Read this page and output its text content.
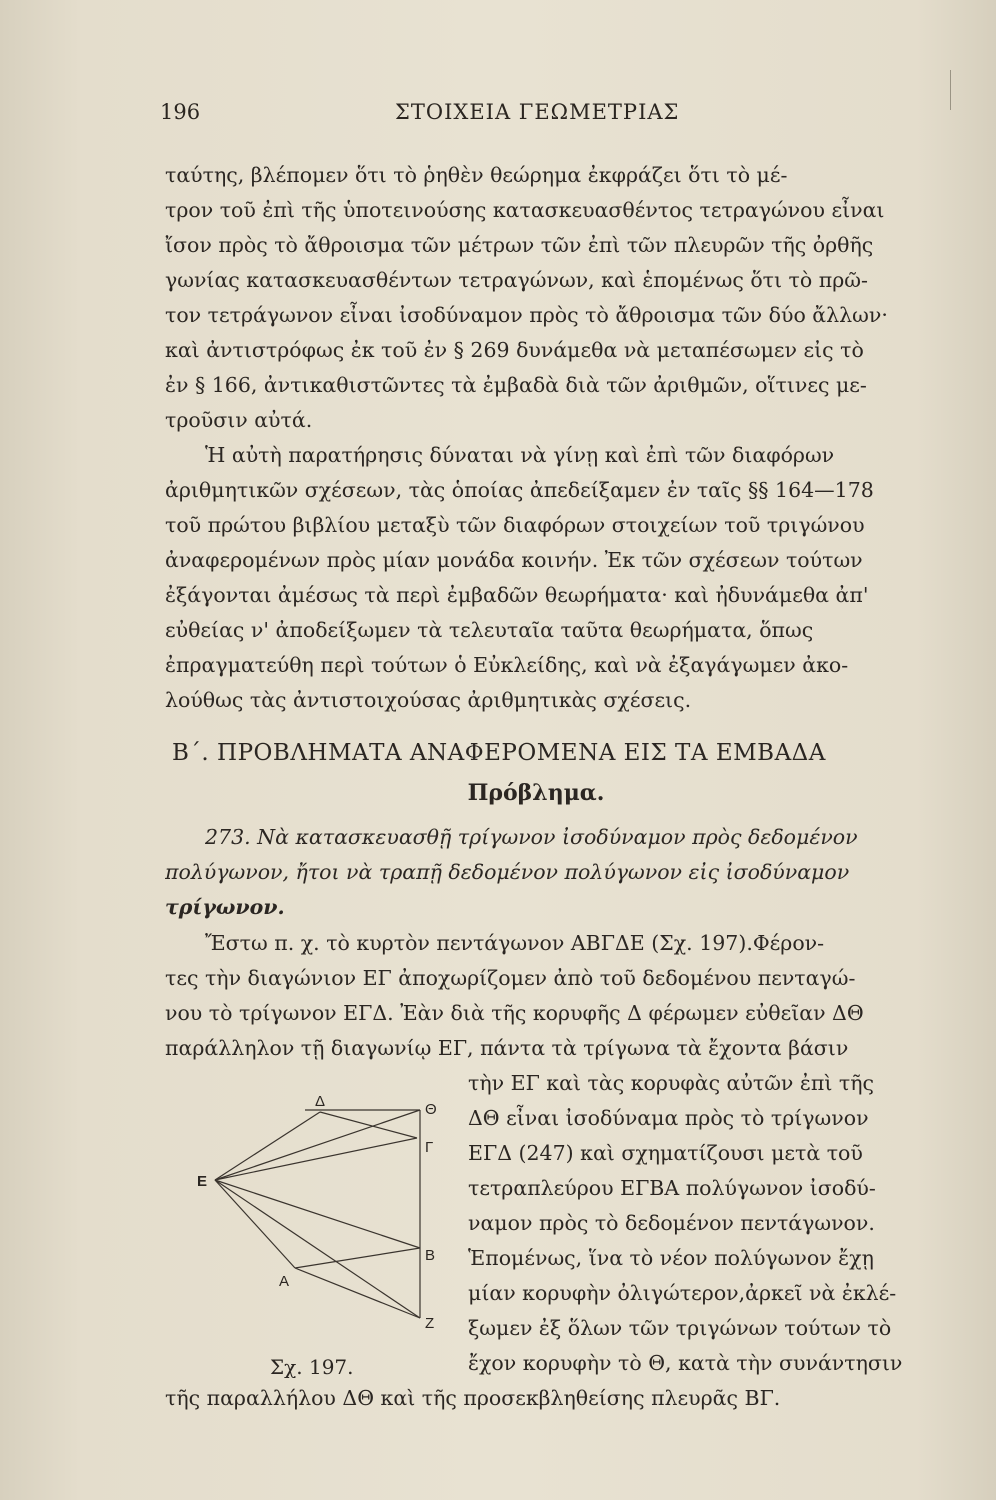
196	ΣΤΟΙΧΕΙΑ ΓΕΩΜΕΤΡΙΑΣ
ταύτης, βλέπομεν ὅτι τὸ ῥηθὲν θεώρημα ἐκφράζει ὅτι τὸ μέ-
τρον τοῦ ἐπὶ τῆς ὑποτεινούσης κατασκευασθέντος τετραγώνου εἶναι
ἴσον πρὸς τὸ ἄθροισμα τῶν μέτρων τῶν ἐπὶ τῶν πλευρῶν τῆς ὀρθῆς
γωνίας κατασκευασθέντων τετραγώνων, καὶ ἑπομένως ὅτι τὸ πρῶ-
τον τετράγωνον εἶναι ἰσοδύναμον πρὸς τὸ ἄθροισμα τῶν δύο ἄλλων·
καὶ ἀντιστρόφως ἐκ τοῦ ἐν § 269 δυνάμεθα νὰ μεταπέσωμεν εἰς τὸ
ἐν § 166, ἀντικαθιστῶντες τὰ ἐμβαδὰ διὰ τῶν ἀριθμῶν, οἵτινες με-
τροῦσιν αὐτά.
Ἡ αὐτὴ παρατήρησις δύναται νὰ γίνῃ καὶ ἐπὶ τῶν διαφόρων
ἀριθμητικῶν σχέσεων, τὰς ὁποίας ἀπεδείξαμεν ἐν ταῖς §§ 164—178
τοῦ πρώτου βιβλίου μεταξὺ τῶν διαφόρων στοιχείων τοῦ τριγώνου
ἀναφερομένων πρὸς μίαν μονάδα κοινήν. Ἐκ τῶν σχέσεων τούτων
ἐξάγονται ἀμέσως τὰ περὶ ἐμβαδῶν θεωρήματα· καὶ ἠδυνάμεθα ἀπ'
εὐθείας ν' ἀποδείξωμεν τὰ τελευταῖα ταῦτα θεωρήματα, ὅπως
ἐπραγματεύθη περὶ τούτων ὁ Εὐκλείδης, καὶ νὰ ἐξαγάγωμεν ἀκο-
λούθως τὰς ἀντιστοιχούσας ἀριθμητικὰς σχέσεις.
Β΄. ΠΡΟΒΛΗΜΑΤΑ ΑΝΑΦΕΡΟΜΕΝΑ ΕΙΣ ΤΑ ΕΜΒΑΔΑ
Πρόβλημα.
273. Νὰ κατασκευασθῇ τρίγωνον ἰσοδύναμον πρὸς δεδομένον
πολύγωνον, ἤτοι νὰ τραπῇ δεδομένον πολύγωνον εἰς ἰσοδύναμον
τρίγωνον.
Ἔστω π. χ. τὸ κυρτὸν πεντάγωνον ΑΒΓΔΕ (Σχ. 197).Φέρον-
τες τὴν διαγώνιον ΕΓ ἀποχωρίζομεν ἀπὸ τοῦ δεδομένου πενταγώ-
νου τὸ τρίγωνον ΕΓΔ. Ἐὰν διὰ τῆς κορυφῆς Δ φέρωμεν εὐθεῖαν ΔΘ
παράλληλον τῇ διαγωνίῳ ΕΓ, πάντα τὰ τρίγωνα τὰ ἔχοντα βάσιν
τὴν ΕΓ καὶ τὰς κορυφὰς αὐτῶν ἐπὶ τῆς
ΔΘ εἶναι ἰσοδύναμα πρὸς τὸ τρίγωνον
ΕΓΔ (247) καὶ σχηματίζουσι μετὰ τοῦ
τετραπλεύρου ΕΓΒΑ πολύγωνον ἰσοδύ-
ναμον πρὸς τὸ δεδομένον πεντάγωνον.
Ἑπομένως, ἵνα τὸ νέον πολύγωνον ἔχῃ
μίαν κορυφὴν ὀλιγώτερον,ἀρκεῖ νὰ ἐκλέ-
ξωμεν ἐξ ὅλων τῶν τριγώνων τούτων τὸ
ἔχον κορυφὴν τὸ Θ, κατὰ τὴν συνάντησιν
Δ	Θ
Γ
Ε
Β
Α
Ζ
Σχ. 197.
τῆς παραλλήλου ΔΘ καὶ τῆς προσεκβληθείσης πλευρᾶς ΒΓ.
